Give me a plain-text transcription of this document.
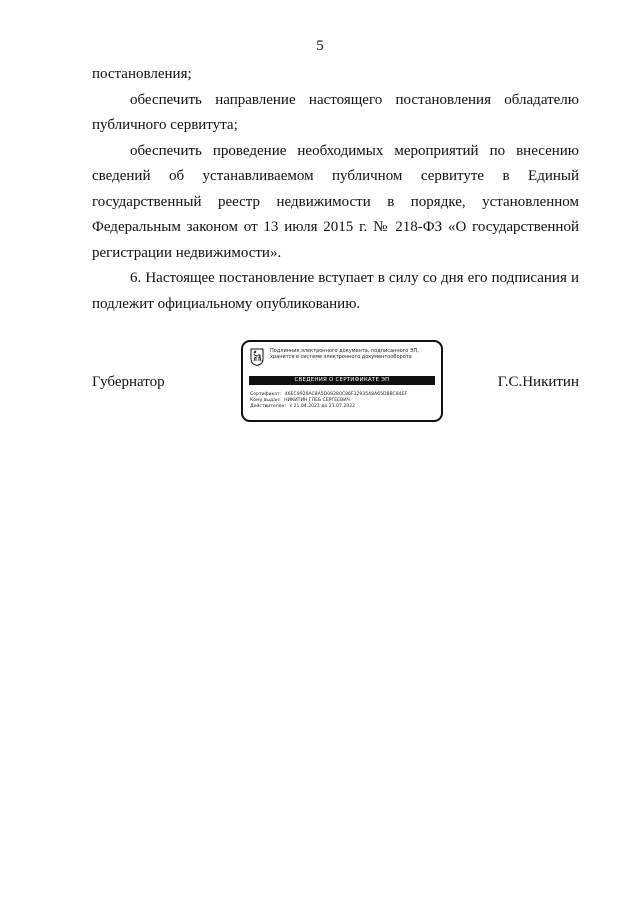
5

постановления;

обеспечить направление настоящего постановления обладателю публичного сервитута;

обеспечить проведение необходимых мероприятий по внесению сведений об устанавливаемом публичном сервитуте в Единый государственный реестр недвижимости в порядке, установленном Федеральным законом от 13 июля 2015 г. № 218-ФЗ «О государственной регистрации недвижимости».

6. Настоящее постановление вступает в силу со дня его подписания и подлежит официальному опубликованию.

Губернатор	Г.С.Никитин
Подлинник электронного документа, подписанного ЭП,
хранится в системе электронного документооборота
СВЕДЕНИЯ О СЕРТИФИКАТЕ ЭП
Сертификат: 46EC9926AC8A5D08280C86F3293548A65D8BC84EF
Кому выдан: НИКИТИН ГЛЕБ СЕРГЕЕВИЧ
Действителен: с 21.04.2021 до 21.07.2022
